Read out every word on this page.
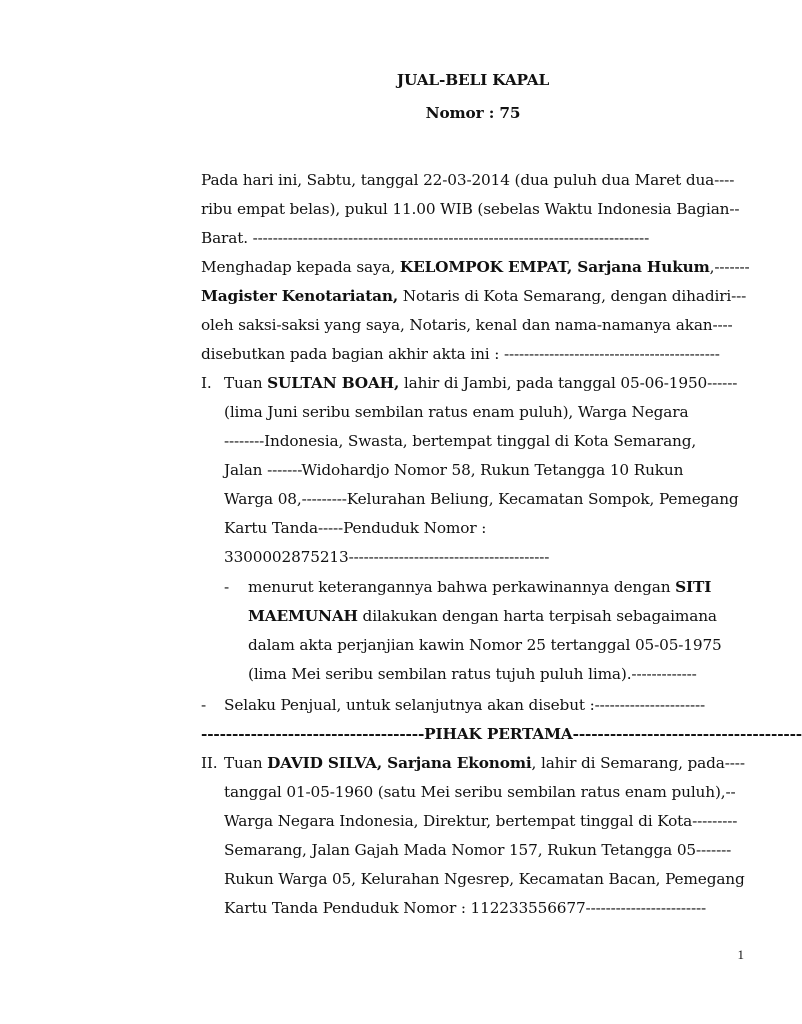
1
JUAL-BELI KAPAL
Nomor : 75
Pada hari ini, Sabtu, tanggal 22-03-2014 (dua puluh dua Maret dua----
ribu empat belas), pukul 11.00 WIB (sebelas Waktu Indonesia Bagian--
Barat. -------------------------------------------------------------------------------
Menghadap kepada saya, KELOMPOK EMPAT, Sarjana Hukum,-------
Magister Kenotariatan, Notaris di Kota Semarang, dengan dihadiri---
oleh saksi-saksi yang saya, Notaris, kenal dan nama-namanya akan----
disebutkan pada bagian akhir akta ini : -------------------------------------------
I. Tuan SULTAN BOAH, lahir di Jambi, pada tanggal 05-06-1950------
(lima Juni seribu sembilan ratus enam puluh), Warga Negara
--------Indonesia, Swasta, bertempat tinggal di Kota Semarang,
Jalan -------Widohardjo Nomor 58, Rukun Tetangga 10 Rukun
Warga 08,---------Kelurahan Beliung, Kecamatan Sompok, Pemegang
Kartu Tanda-----Penduduk Nomor :
3300002875213----------------------------------------
- menurut keterangannya bahwa perkawinannya dengan SITI
MAEMUNAH dilakukan dengan harta terpisah sebagaimana
dalam akta perjanjian kawin Nomor 25 tertanggal 05-05-1975
(lima Mei seribu sembilan ratus tujuh puluh lima).-------------
- Selaku Penjual, untuk selanjutnya akan disebut :----------------------
------------------------------------PIHAK PERTAMA-------------------------------------
II. Tuan DAVID SILVA, Sarjana Ekonomi, lahir di Semarang, pada----
tanggal 01-05-1960 (satu Mei seribu sembilan ratus enam puluh),--
Warga Negara Indonesia, Direktur, bertempat tinggal di Kota---------
Semarang, Jalan Gajah Mada Nomor 157, Rukun Tetangga 05-------
Rukun Warga 05, Kelurahan Ngesrep, Kecamatan Bacan, Pemegang
Kartu Tanda Penduduk Nomor : 112233556677------------------------
